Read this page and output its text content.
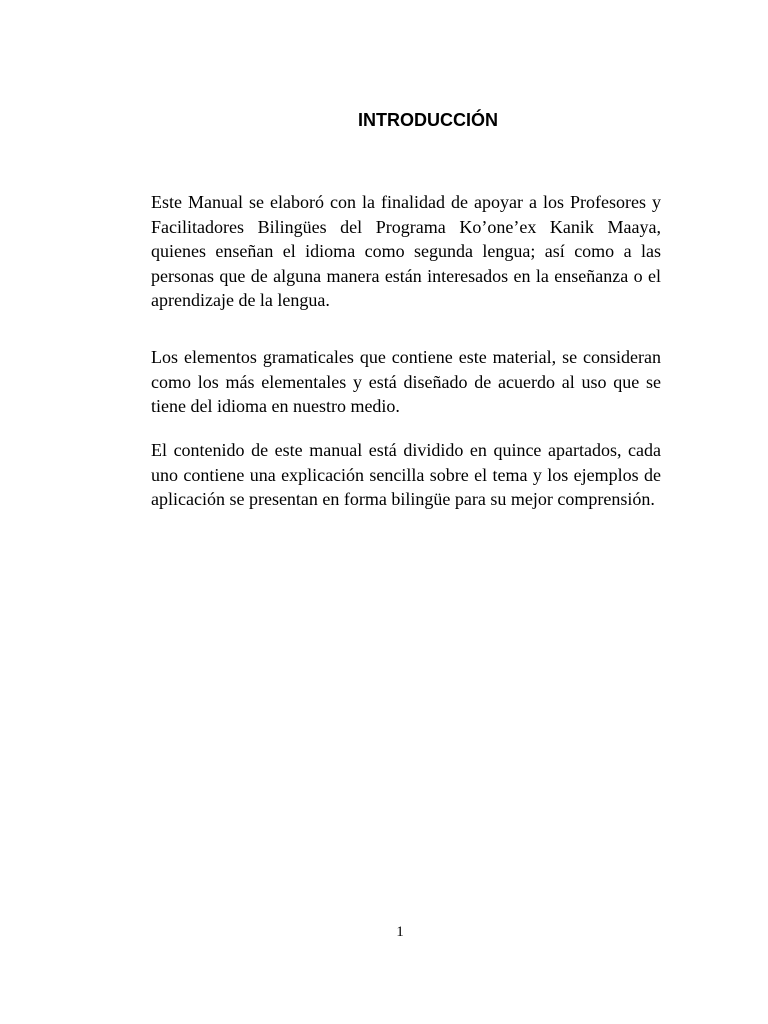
INTRODUCCIÓN

Este Manual se elaboró con la finalidad de apoyar a los Profesores y Facilitadores Bilingües del Programa Ko’one’ex Kanik Maaya, quienes enseñan el idioma como segunda lengua; así como a las personas que de alguna manera están interesados en la enseñanza o el aprendizaje de la lengua.

Los elementos gramaticales que contiene este material, se consideran como los más elementales y está diseñado de acuerdo al uso que se tiene del idioma en nuestro medio.

El contenido de este manual está dividido en quince apartados, cada uno contiene una explicación sencilla sobre el tema y los ejemplos de aplicación se presentan en forma bilingüe para su mejor comprensión.

1
